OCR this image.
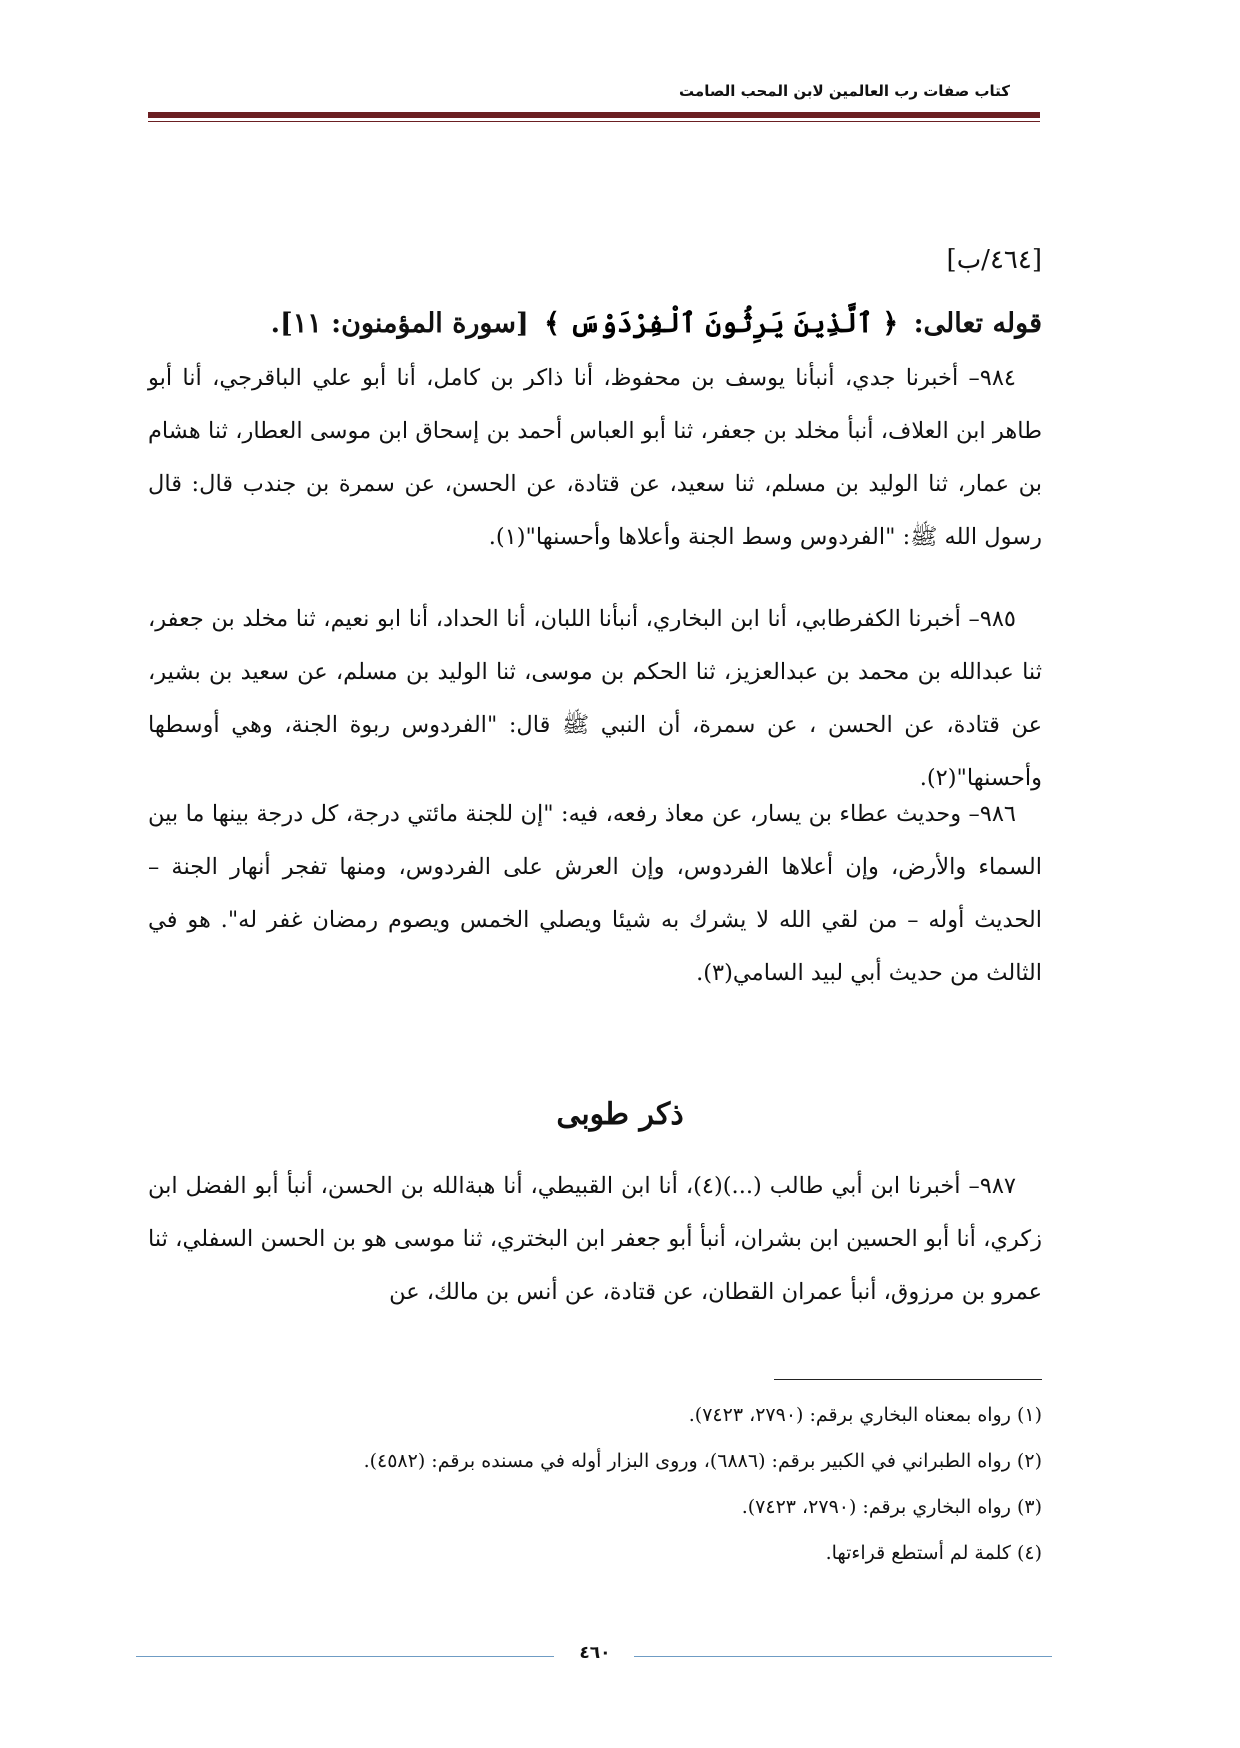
كتاب صفات رب العالمين لابن المحب الصامت
[٤٦٤/ب]
قوله تعالى: ﴿ ٱلَّذِينَ يَرِثُونَ ٱلْفِرْدَوْسَ ﴾ [سورة المؤمنون: ١١].

٩٨٤– أخبرنا جدي، أنبأنا يوسف بن محفوظ، أنا ذاكر بن كامل، أنا أبو علي الباقرجي، أنا أبو طاهر ابن العلاف، أنبأ مخلد بن جعفر، ثنا أبو العباس أحمد بن إسحاق ابن موسى العطار، ثنا هشام بن عمار، ثنا الوليد بن مسلم، ثنا سعيد، عن قتادة، عن الحسن، عن سمرة بن جندب قال: قال رسول الله ﷺ: "الفردوس وسط الجنة وأعلاها وأحسنها"(١).

٩٨٥– أخبرنا الكفرطابي، أنا ابن البخاري، أنبأنا اللبان، أنا الحداد، أنا ابو نعيم، ثنا مخلد بن جعفر، ثنا عبدالله بن محمد بن عبدالعزيز، ثنا الحكم بن موسى، ثنا الوليد بن مسلم، عن سعيد بن بشير، عن قتادة، عن الحسن ، عن سمرة، أن النبي ﷺ قال: "الفردوس ربوة الجنة، وهي أوسطها وأحسنها"(٢).

٩٨٦– وحديث عطاء بن يسار، عن معاذ رفعه، فيه: "إن للجنة مائتي درجة، كل درجة بينها ما بين السماء والأرض، وإن أعلاها الفردوس، وإن العرش على الفردوس، ومنها تفجر أنهار الجنة – الحديث أوله – من لقي الله لا يشرك به شيئا ويصلي الخمس ويصوم رمضان غفر له". هو في الثالث من حديث أبي لبيد السامي(٣).

ذكر طوبى

٩٨٧– أخبرنا ابن أبي طالب (...)(٤)، أنا ابن القبيطي، أنا هبةالله بن الحسن، أنبأ أبو الفضل ابن زكري، أنا أبو الحسين ابن بشران، أنبأ أبو جعفر ابن البختري، ثنا موسى هو بن الحسن السفلي، ثنا عمرو بن مرزوق، أنبأ عمران القطان، عن قتادة، عن أنس بن مالك، عن

(١) رواه بمعناه البخاري برقم: (٢٧٩٠، ٧٤٢٣).
(٢) رواه الطبراني في الكبير برقم: (٦٨٨٦)، وروى البزار أوله في مسنده برقم: (٤٥٨٢).
(٣) رواه البخاري برقم: (٢٧٩٠، ٧٤٢٣).
(٤) كلمة لم أستطع قراءتها.
٤٦٠
